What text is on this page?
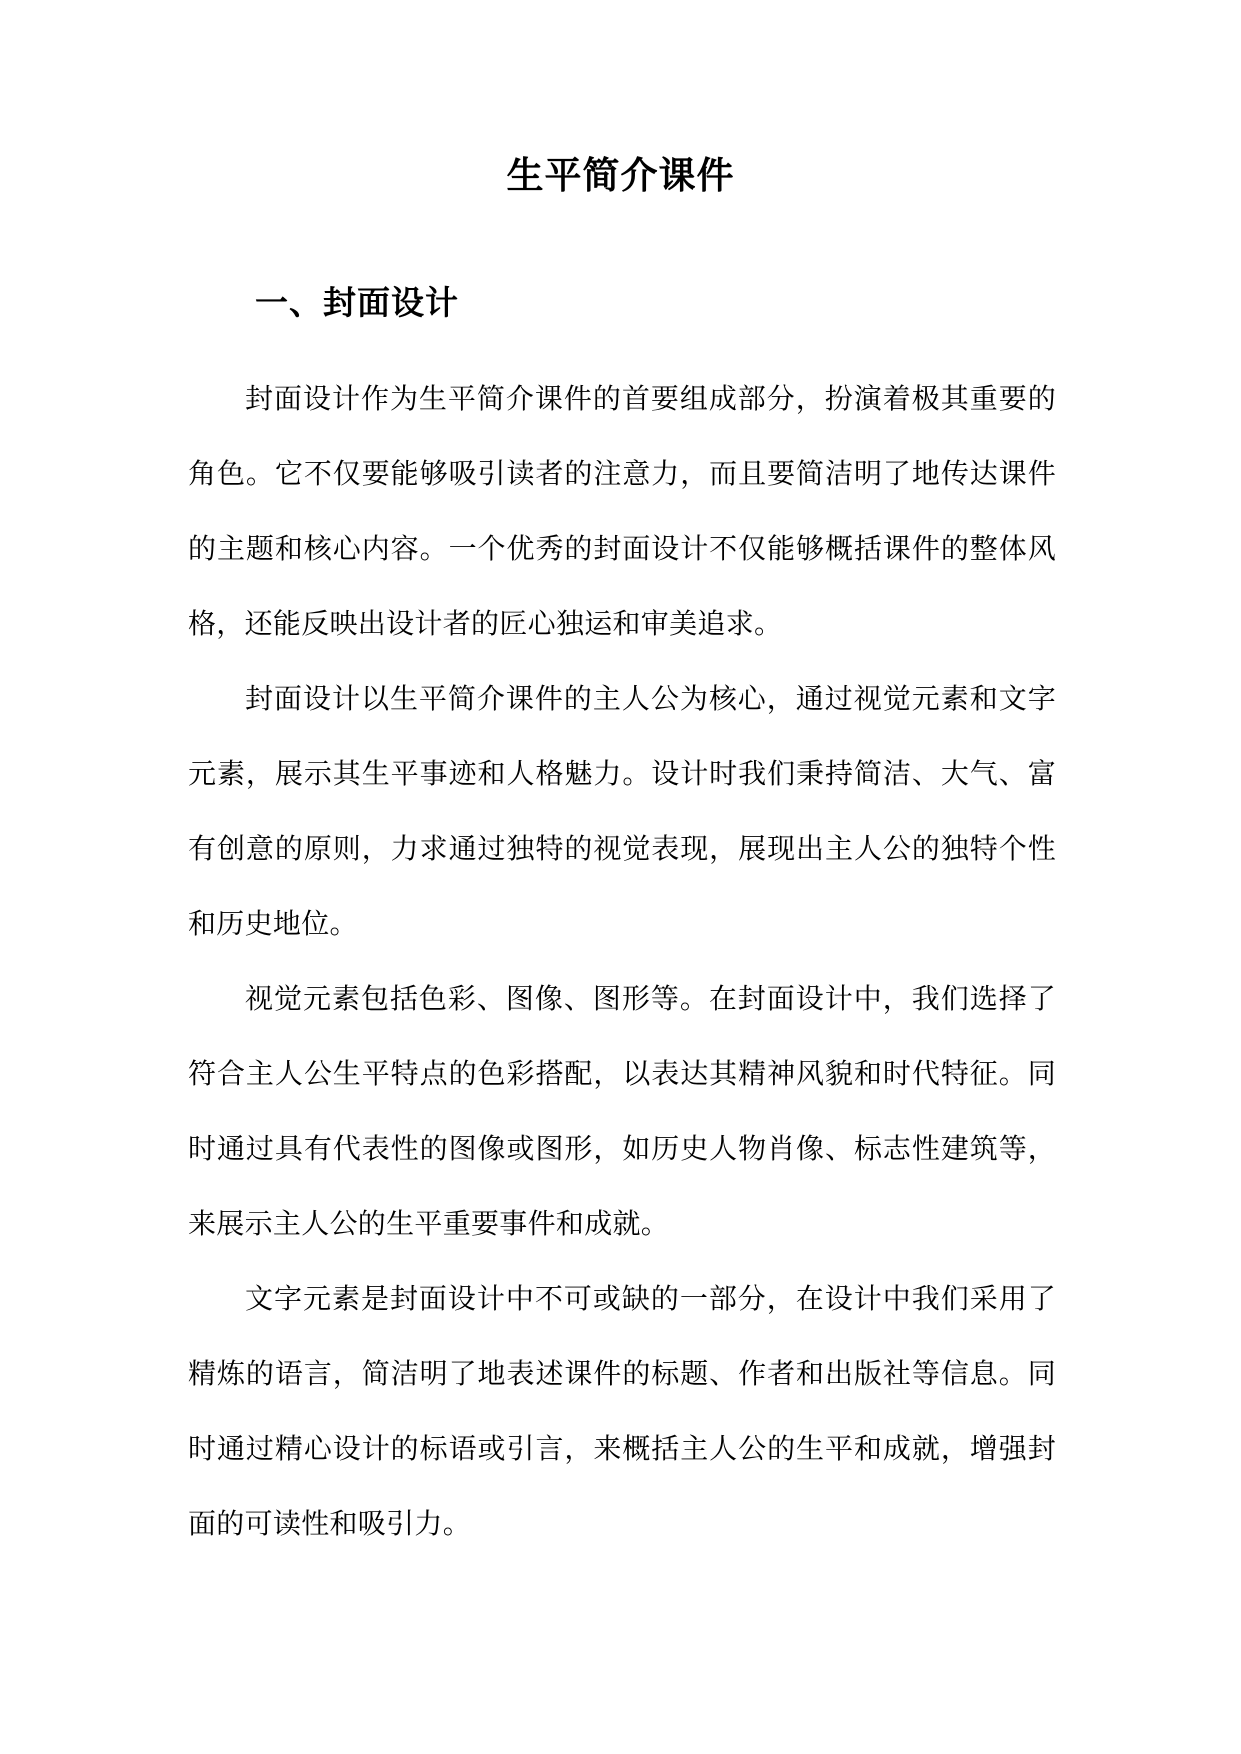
生平简介课件
一、封面设计

封面设计作为生平简介课件的首要组成部分，扮演着极其重要的角色。它不仅要能够吸引读者的注意力，而且要简洁明了地传达课件的主题和核心内容。一个优秀的封面设计不仅能够概括课件的整体风格，还能反映出设计者的匠心独运和审美追求。

封面设计以生平简介课件的主人公为核心，通过视觉元素和文字元素，展示其生平事迹和人格魅力。设计时我们秉持简洁、大气、富有创意的原则，力求通过独特的视觉表现，展现出主人公的独特个性和历史地位。

视觉元素包括色彩、图像、图形等。在封面设计中，我们选择了符合主人公生平特点的色彩搭配，以表达其精神风貌和时代特征。同时通过具有代表性的图像或图形，如历史人物肖像、标志性建筑等，来展示主人公的生平重要事件和成就。

文字元素是封面设计中不可或缺的一部分，在设计中我们采用了精炼的语言，简洁明了地表述课件的标题、作者和出版社等信息。同时通过精心设计的标语或引言，来概括主人公的生平和成就，增强封面的可读性和吸引力。
